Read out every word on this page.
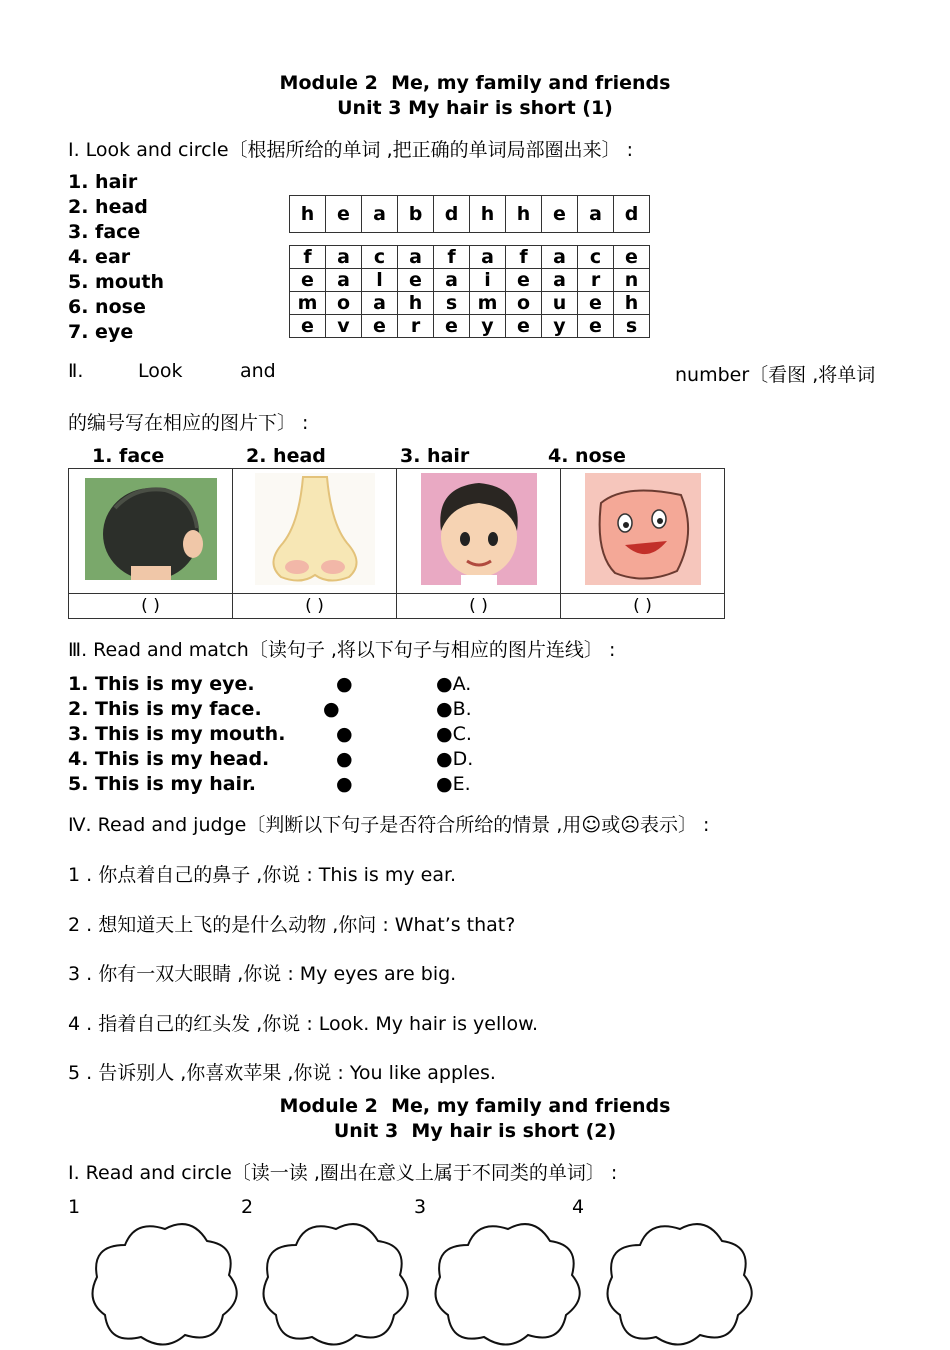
Module 2  Me, my family and friends
Unit 3 My hair is short (1)
I. Look and circle〔根据所给的单词 ,把正确的单词局部圈出来〕 :
1. hair
2. head
3. face
4. ear
5. mouth
6. nose
7. eye
h	e	a	b	d	h	h	e	a	d
f	a	c	a	f	a	f	a	c	e
e	a	l	e	a	i	e	a	r	n
m	o	a	h	s	m	o	u	e	h
e	v	e	r	e	y	e	y	e	s
Ⅱ.	Look	and	number〔看图 ,将单词
的编号写在相应的图片下〕 :
1. face	2. head	3. hair	4. nose

( )	( )	( )	( )
Ⅲ. Read and match〔读句子 ,将以下句子与相应的图片连线〕 :
1. This is my eye.
2. This is my face.
3. This is my mouth.
4. This is my head.
5. This is my hair.
●
●
●
●
●
●A.
●B.
●C.
●D.
●E.
Ⅳ. Read and judge〔判断以下句子是否符合所给的情景 ,用☺或☹表示〕 :
1 . 你点着自己的鼻子 ,你说 : This is my ear.
2 . 想知道天上飞的是什么动物 ,你问 : What’s that?
3 . 你有一双大眼睛 ,你说 : My eyes are big.
4 . 指着自己的红头发 ,你说 : Look. My hair is yellow.
5 . 告诉别人 ,你喜欢苹果 ,你说 : You like apples.
Module 2  Me, my family and friends
Unit 3  My hair is short (2)
I. Read and circle〔读一读 ,圈出在意义上属于不同类的单词〕 :
1	2	3	4
